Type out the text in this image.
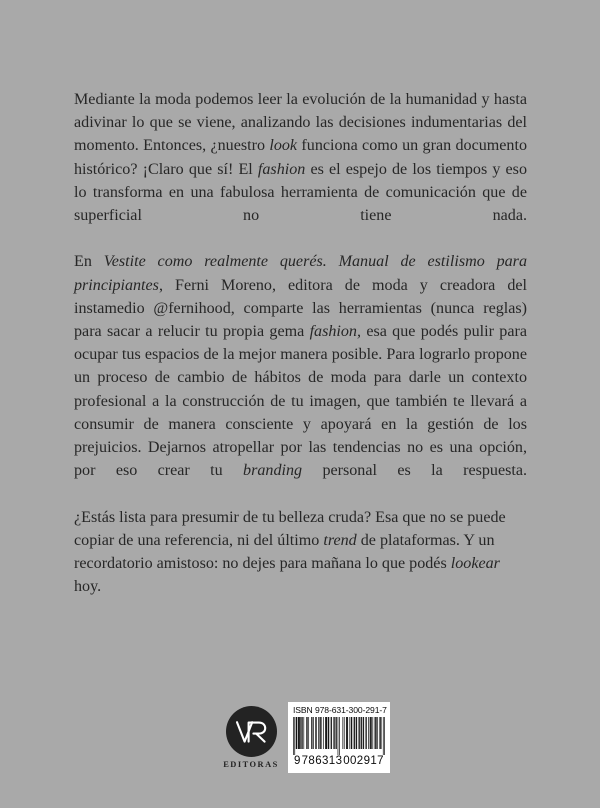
Mediante la moda podemos leer la evolución de la humanidad y hasta adivinar lo que se viene, analizando las decisiones indumentarias del momento. Entonces, ¿nuestro look funciona como un gran documento histórico? ¡Claro que sí! El fashion es el espejo de los tiempos y eso lo transforma en una fabulosa herramienta de comunicación que de superficial no tiene nada.

En Vestite como realmente querés. Manual de estilismo para principiantes, Ferni Moreno, editora de moda y creadora del instamedio @fernihood, comparte las herramientas (nunca reglas) para sacar a relucir tu propia gema fashion, esa que podés pulir para ocupar tus espacios de la mejor manera posible. Para lograrlo propone un proceso de cambio de hábitos de moda para darle un contexto profesional a la construcción de tu imagen, que también te llevará a consumir de manera consciente y apoyará en la gestión de los prejuicios. Dejarnos atropellar por las tendencias no es una opción, por eso crear tu branding personal es la respuesta.

¿Estás lista para presumir de tu belleza cruda? Esa que no se puede copiar de una referencia, ni del último trend de plataformas. Y un recordatorio amistoso: no dejes para mañana lo que podés lookear hoy.

EDITORAS
ISBN 978-631-300-291-7
9 786313 002917
